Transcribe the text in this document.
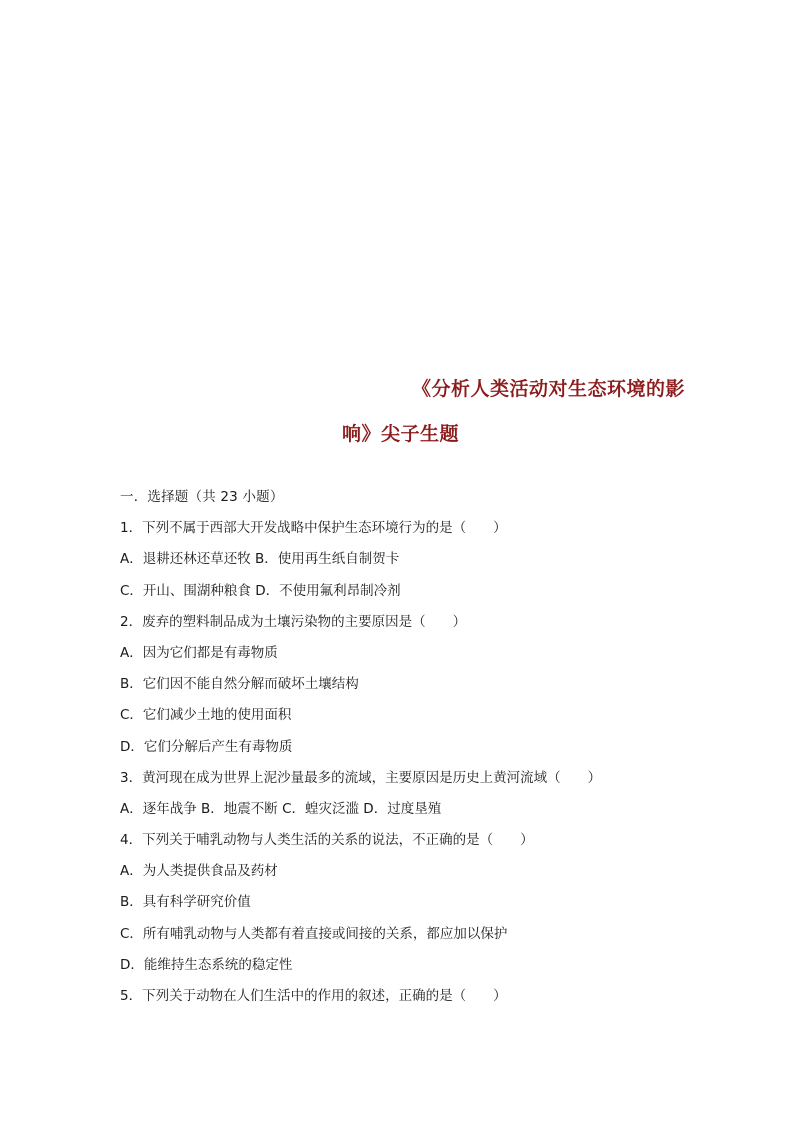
《分析人类活动对生态环境的影
响》尖子生题
一．选择题（共 23 小题）
1．下列不属于西部大开发战略中保护生态环境行为的是（　　）
A．退耕还林还草还牧 B．使用再生纸自制贺卡
C．开山、围湖种粮食 D．不使用氟利昂制冷剂
2．废弃的塑料制品成为土壤污染物的主要原因是（　　）
A．因为它们都是有毒物质
B．它们因不能自然分解而破坏土壤结构
C．它们减少土地的使用面积
D．它们分解后产生有毒物质
3．黄河现在成为世界上泥沙量最多的流域，主要原因是历史上黄河流域（　　）
A．逐年战争 B．地震不断 C．蝗灾泛滥 D．过度垦殖
4．下列关于哺乳动物与人类生活的关系的说法，不正确的是（　　）
A．为人类提供食品及药材
B．具有科学研究价值
C．所有哺乳动物与人类都有着直接或间接的关系，都应加以保护
D．能维持生态系统的稳定性
5．下列关于动物在人们生活中的作用的叙述，正确的是（　　）
